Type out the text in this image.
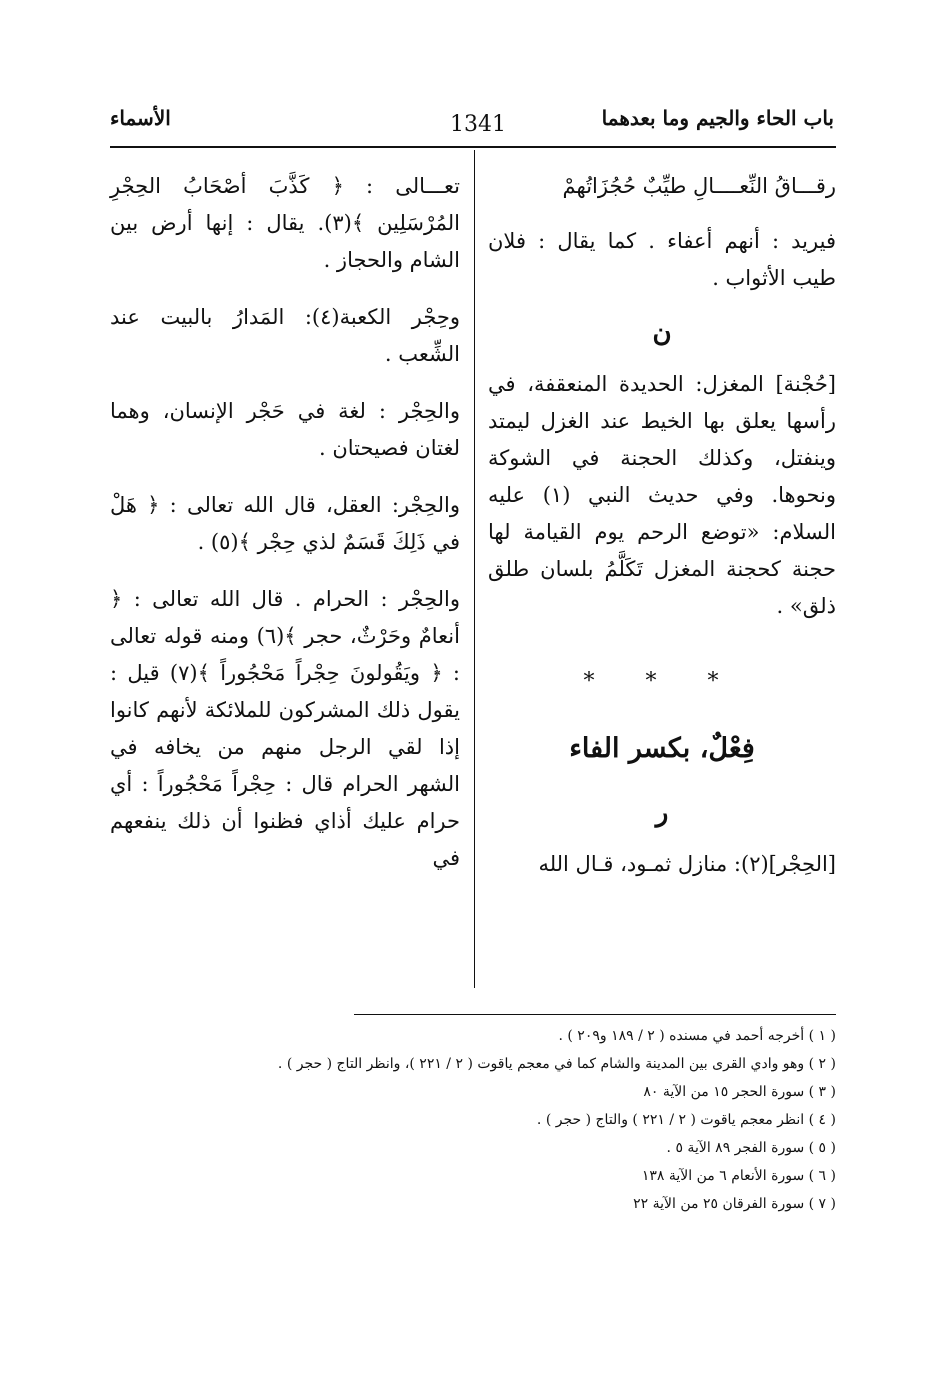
باب الحاء والجيم وما بعدهما
1341
الأسماء

رقـــاقُ النِّعــــالِ طيِّبٌ حُجُزَاتُهمْ

فيريد : أنهم أعفاء . كما يقال : فلان طيب الأثواب .

ن

[حُجْنة] المغزل: الحديدة المنعقفة، في رأسها يعلق بها الخيط عند الغزل ليمتد وينفتل، وكذلك الحجنة في الشوكة ونحوها. وفي حديث النبي (١) عليه السلام: «توضع الرحم يوم القيامة لها حجنة كحجنة المغزل تَكَلَّمُ بلسان طلق ذلق» .

* * *
فِعْلٌ، بكسر الفاء
ر

[الحِجْر](٢): منازل ثمـود، قـال الله

تعـــالى : ﴿ كَذَّبَ أصْحَابُ الحِجْرِ المُرْسَلِين ﴾(٣). يقال : إنها أرض بين الشام والحجاز .

وحِجْر الكعبة(٤): المَدارُ بالبيت عند الشِّعب .

والحِجْر : لغة في حَجْر الإنسان، وهما لغتان فصيحتان .

والحِجْر: العقل، قال الله تعالى : ﴿ هَلْ في ذَلِكَ قَسَمٌ لذي حِجْر ﴾(٥) .

والحِجْر : الحرام . قال الله تعالى : ﴿ أنعامٌ وحَرْثٌ، حجر ﴾(٦) ومنه قوله تعالى : ﴿ ويَقُولونَ حِجْراً مَحْجُوراً ﴾(٧) قيل : يقول ذلك المشركون للملائكة لأنهم كانوا إذا لقي الرجل منهم من يخافه في الشهر الحرام قال : حِجْراً مَحْجُوراً : أي حرام عليك أذاي فظنوا أن ذلك ينفعهم في

( ١ ) أخرجه أحمد في مسنده ( ٢ / ١٨٩ و٢٠٩ ) .
( ٢ ) وهو وادي القرى بين المدينة والشام كما في معجم ياقوت ( ٢ / ٢٢١ )، وانظر التاج ( حجر ) .
( ٣ ) سورة الحجر ١٥ من الآية ٨٠
( ٤ ) انظر معجم ياقوت ( ٢ / ٢٢١ ) والتاج ( حجر ) .
( ٥ ) سورة الفجر ٨٩ الآية ٥ .
( ٦ ) سورة الأنعام ٦ من الآية ١٣٨
( ٧ ) سورة الفرقان ٢٥ من الآية ٢٢
